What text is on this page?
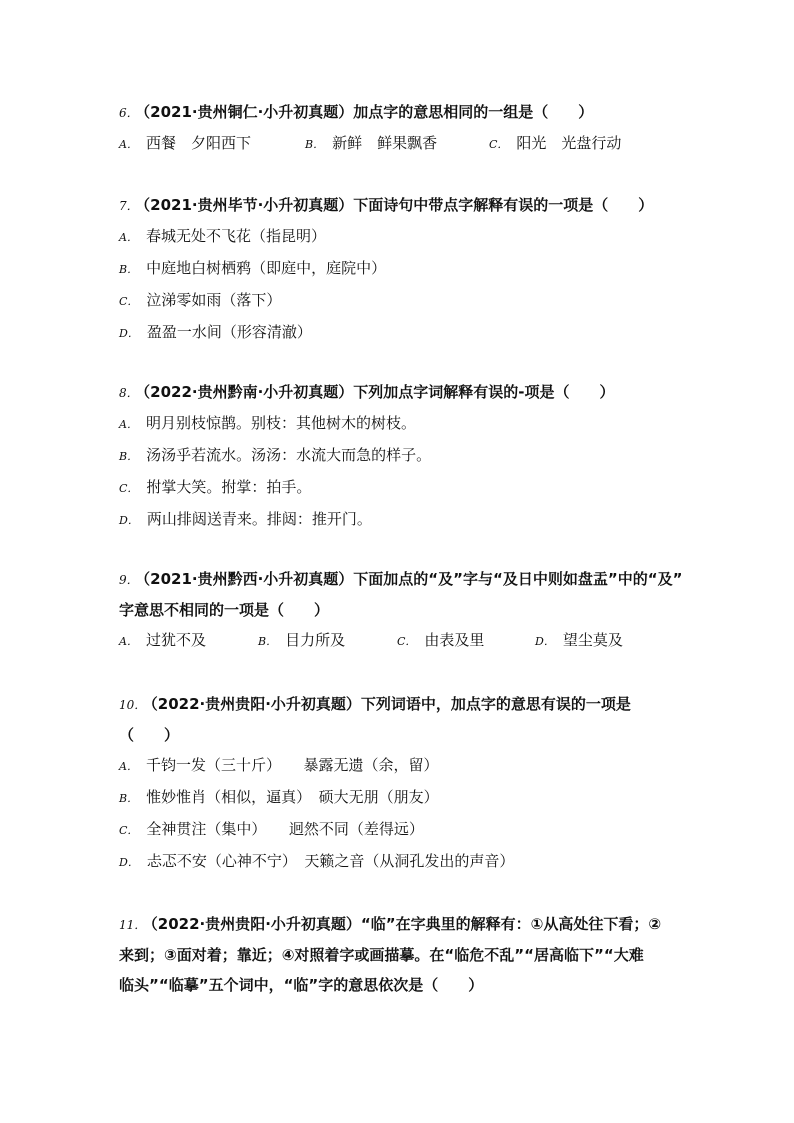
6． （2021·贵州铜仁·小升初真题）加点字的意思相同的一组是（　　）
A． 西餐　夕阳西下	B． 新鲜　鲜果飘香	C． 阳光　光盘行动
7． （2021·贵州毕节·小升初真题）下面诗句中带点字解释有误的一项是（　　）
A． 春城无处不飞花（指昆明）
B． 中庭地白树栖鸦（即庭中，庭院中）
C． 泣涕零如雨（落下）
D． 盈盈一水间（形容清澈）
8． （2022·贵州黔南·小升初真题）下列加点字词解释有误的-项是（　　）
A． 明月别枝惊鹊。别枝：其他树木的树枝。
B． 汤汤乎若流水。汤汤：水流大而急的样子。
C． 拊掌大笑。拊掌：拍手。
D． 两山排闼送青来。排闼：推开门。
9． （2021·贵州黔西·小升初真题）下面加点的“及”字与“及日中则如盘盂”中的“及”
字意思不相同的一项是（　　）
A． 过犹不及	B． 目力所及	C． 由表及里	D． 望尘莫及
10． （2022·贵州贵阳·小升初真题）下列词语中，加点字的意思有误的一项是
（　　）
A． 千钧一发（三十斤）　　暴露无遗（余，留）
B． 惟妙惟肖（相似，逼真）　硕大无朋（朋友）
C． 全神贯注（集中）　　迥然不同（差得远）
D． 忐忑不安（心神不宁）　天籁之音（从洞孔发出的声音）
11． （2022·贵州贵阳·小升初真题）“临”在字典里的解释有：①从高处往下看；②
来到；③面对着；靠近；④对照着字或画描摹。在“临危不乱”“居高临下”“大难
临头”“临摹”五个词中，“临”字的意思依次是（　　）
